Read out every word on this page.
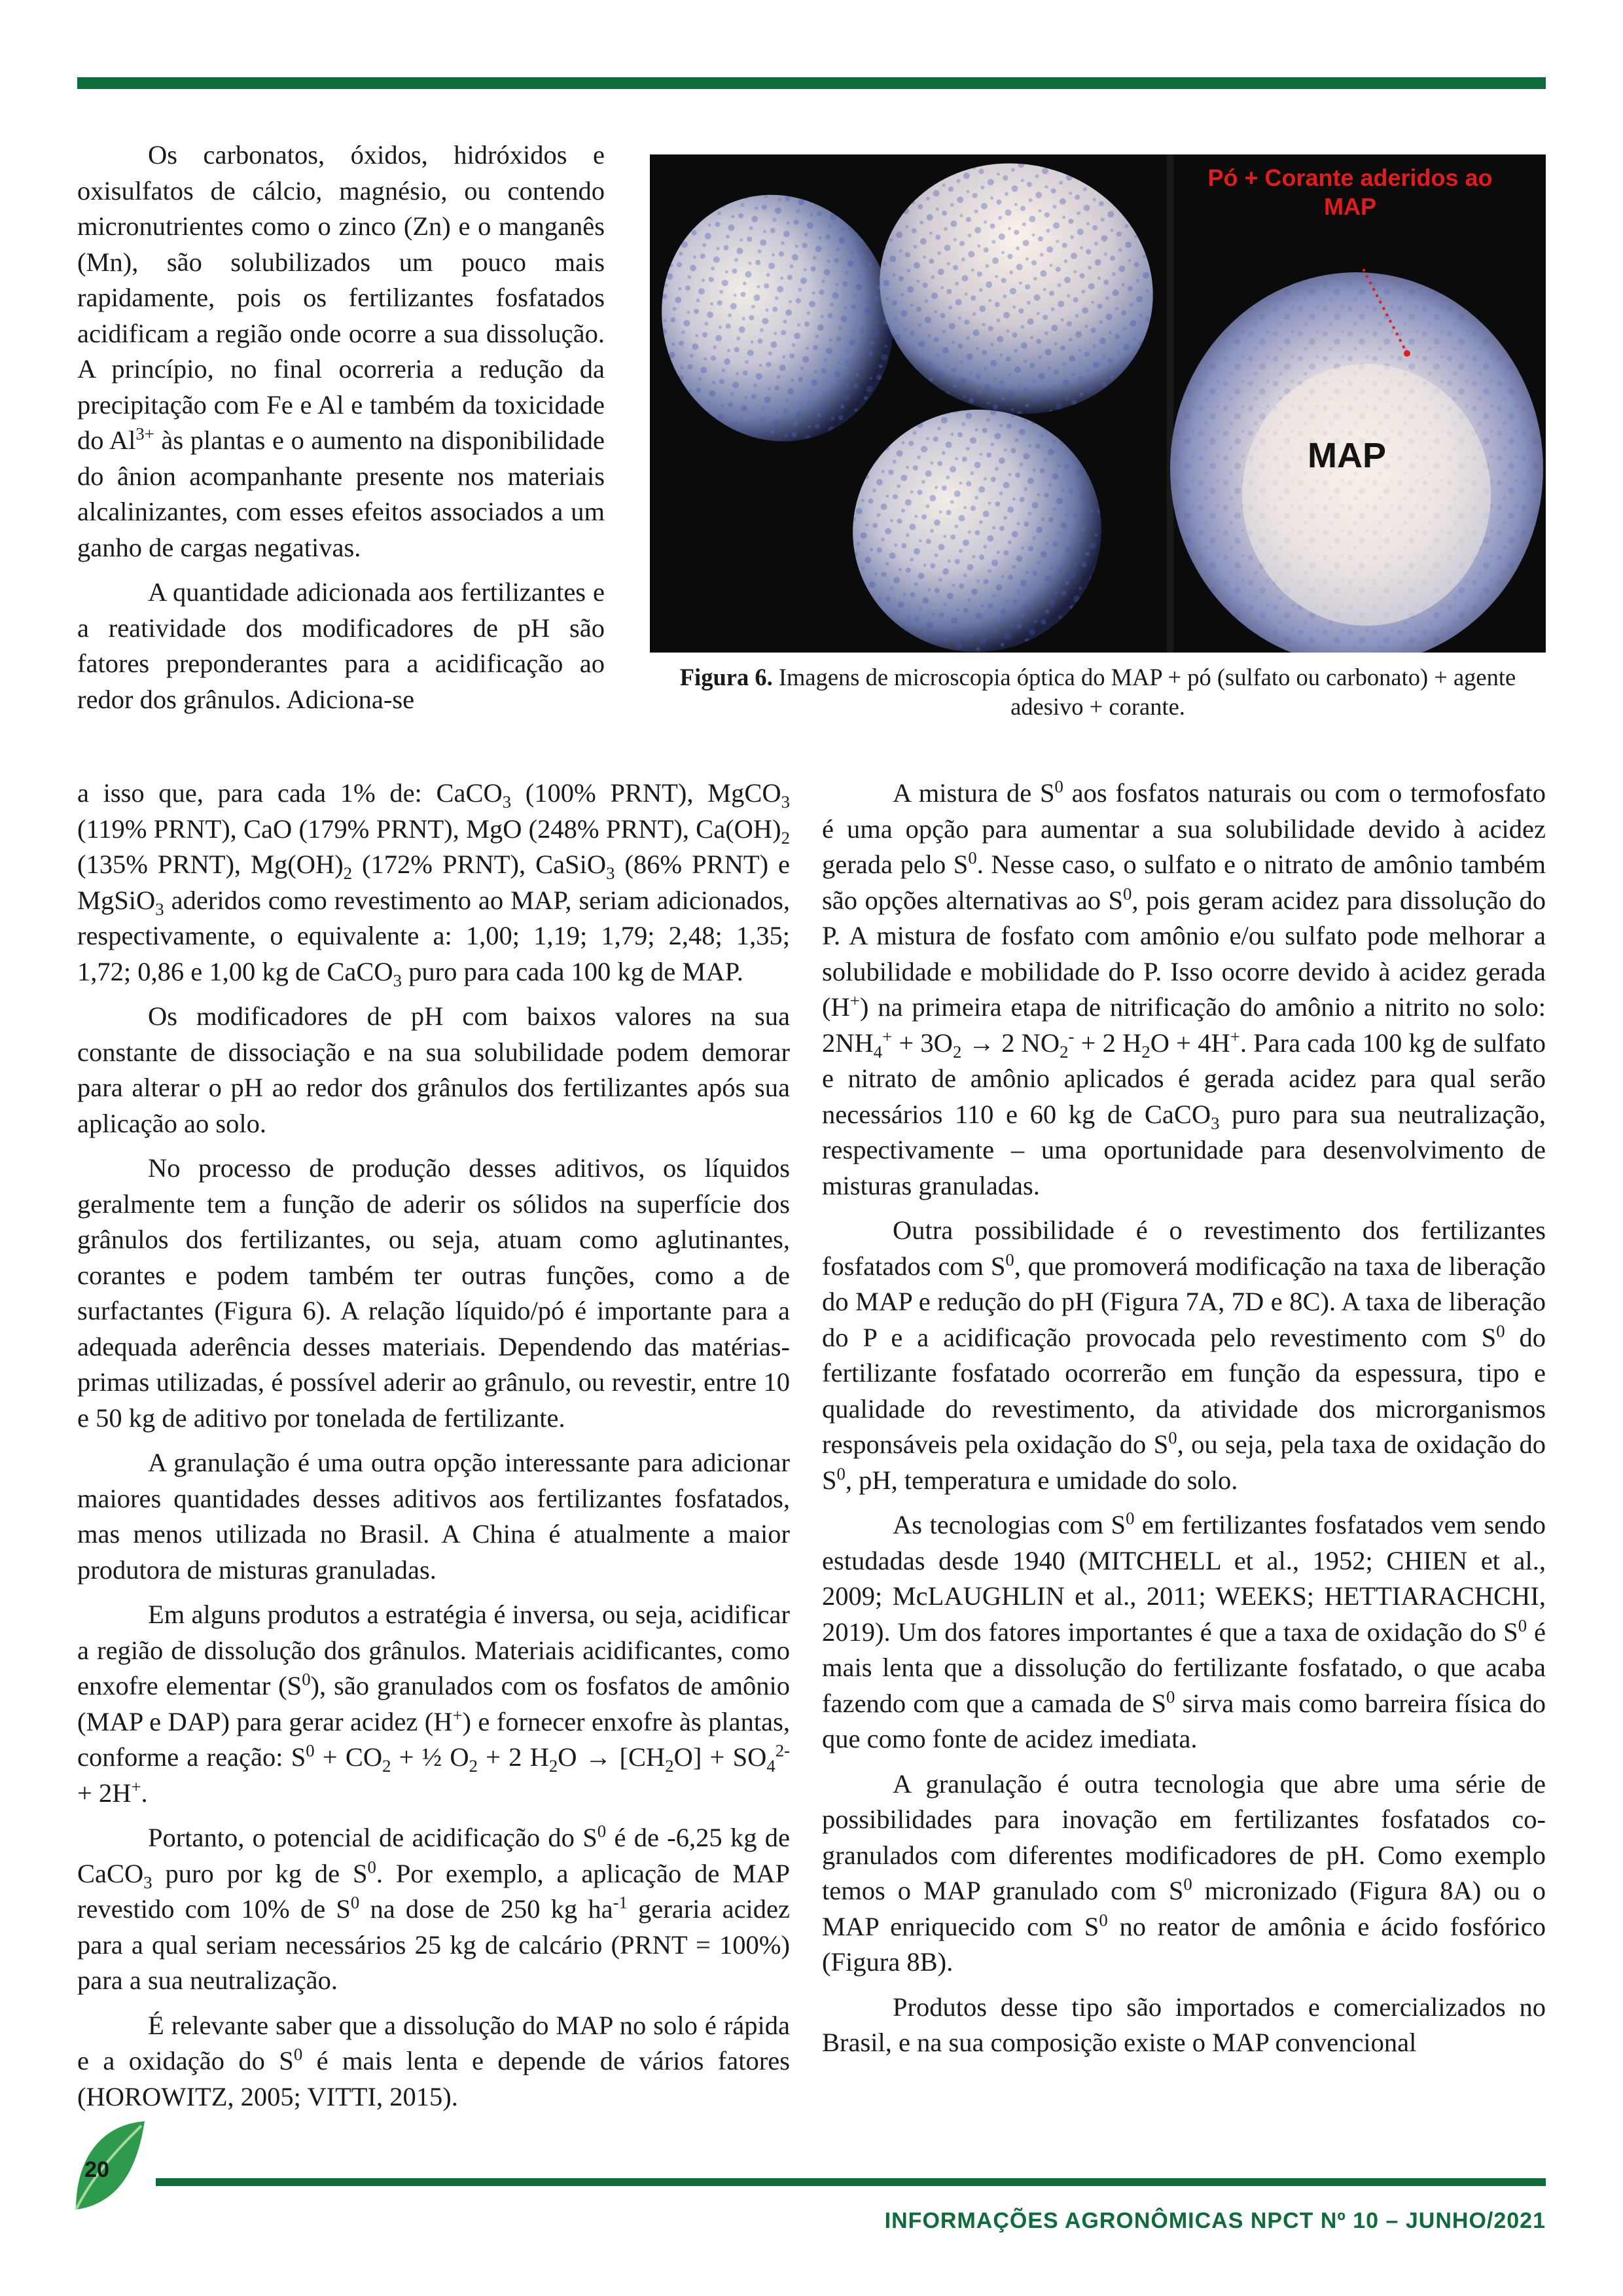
Os carbonatos, óxidos, hidróxidos e oxisulfatos de cálcio, magnésio, ou contendo micronutrientes como o zinco (Zn) e o manganês (Mn), são solubilizados um pouco mais rapidamente, pois os fertilizantes fosfatados acidificam a região onde ocorre a sua dissolução. A princípio, no final ocorreria a redução da precipitação com Fe e Al e também da toxicidade do $Al^{3+}$ às plantas e o aumento na disponibilidade do ânion acompanhante presente nos materiais alcalinizantes, com esses efeitos associados a um ganho de cargas negativas.

A quantidade adicionada aos fertilizantes e a reatividade dos modificadores de pH são fatores preponderantes para a acidificação ao redor dos grânulos. Adiciona-se

Pó + Corante aderidos ao
MAP
MAP
Figura 6. Imagens de microscopia óptica do MAP + pó (sulfato ou carbonato) + agente adesivo + corante.

a isso que, para cada 1% de: CaCO$_3$ (100% PRNT), MgCO$_3$ (119% PRNT), CaO (179% PRNT), MgO (248% PRNT), $Ca(OH)_2$ (135% PRNT), $Mg(OH)_2$ (172% PRNT), CaSiO$_3$ (86% PRNT) e MgSiO$_3$ aderidos como revestimento ao MAP, seriam adicionados, respectivamente, o equivalente a: 1,00; 1,19; 1,79; 2,48; 1,35; 1,72; 0,86 e 1,00 kg de CaCO$_3$ puro para cada 100 kg de MAP.

Os modificadores de pH com baixos valores na sua constante de dissociação e na sua solubilidade podem demorar para alterar o pH ao redor dos grânulos dos fertilizantes após sua aplicação ao solo.

No processo de produção desses aditivos, os líquidos geralmente tem a função de aderir os sólidos na superfície dos grânulos dos fertilizantes, ou seja, atuam como aglutinantes, corantes e podem também ter outras funções, como a de surfactantes (Figura 6). A relação líquido/pó é importante para a adequada aderência desses materiais. Dependendo das matérias-primas utilizadas, é possível aderir ao grânulo, ou revestir, entre 10 e 50 kg de aditivo por tonelada de fertilizante.

A granulação é uma outra opção interessante para adicionar maiores quantidades desses aditivos aos fertilizantes fosfatados, mas menos utilizada no Brasil. A China é atualmente a maior produtora de misturas granuladas.

Em alguns produtos a estratégia é inversa, ou seja, acidificar a região de dissolução dos grânulos. Materiais acidificantes, como enxofre elementar $(S^0)$, são granulados com os fosfatos de amônio (MAP e DAP) para gerar acidez (H+) e fornecer enxofre às plantas, conforme a reação: $S^0 + CO_2$ + ½ $O_2 + 2$ $H_2O \to [CH_2O] + SO_4^{2-} + 2H^+$.

Portanto, o potencial de acidificação do $S^0$ é de -6,25 kg de CaCO$_3$ puro por kg de $S^0$. Por exemplo, a aplicação de MAP revestido com 10% de $S^0$ na dose de 250 kg $ha^{-1}$ geraria acidez para a qual seriam necessários 25 kg de calcário (PRNT = 100%) para a sua neutralização.

É relevante saber que a dissolução do MAP no solo é rápida e a oxidação do $S^0$ é mais lenta e depende de vários fatores (HOROWITZ, 2005; VITTI, 2015).

A mistura de $S^0$ aos fosfatos naturais ou com o termofosfato é uma opção para aumentar a sua solubilidade devido à acidez gerada pelo $S^0$. Nesse caso, o sulfato e o nitrato de amônio também são opções alternativas ao $S^0$, pois geram acidez para dissolução do P. A mistura de fosfato com amônio e/ou sulfato pode melhorar a solubilidade e mobilidade do P. Isso ocorre devido à acidez gerada (H+) na primeira etapa de nitrificação do amônio a nitrito no solo: $2NH_4^+ + 3O_2 \to 2$ $NO_2^- + 2$ $H_2O + 4H^+$. Para cada 100 kg de sulfato e nitrato de amônio aplicados é gerada acidez para qual serão necessários 110 e 60 kg de CaCO$_3$ puro para sua neutralização, respectivamente – uma oportunidade para desenvolvimento de misturas granuladas.

Outra possibilidade é o revestimento dos fertilizantes fosfatados com $S^0$, que promoverá modificação na taxa de liberação do MAP e redução do pH (Figura 7A, 7D e 8C). A taxa de liberação do P e a acidificação provocada pelo revestimento com $S^0$ do fertilizante fosfatado ocorrerão em função da espessura, tipo e qualidade do revestimento, da atividade dos microrganismos responsáveis pela oxidação do $S^0$, ou seja, pela taxa de oxidação do $S^0$, pH, temperatura e umidade do solo.

As tecnologias com $S^0$ em fertilizantes fosfatados vem sendo estudadas desde 1940 (MITCHELL et al., 1952; CHIEN et al., 2009; McLAUGHLIN et al., 2011; WEEKS; HETTIARACHCHI, 2019). Um dos fatores importantes é que a taxa de oxidação do $S^0$ é mais lenta que a dissolução do fertilizante fosfatado, o que acaba fazendo com que a camada de $S^0$ sirva mais como barreira física do que como fonte de acidez imediata.

A granulação é outra tecnologia que abre uma série de possibilidades para inovação em fertilizantes fosfatados co-granulados com diferentes modificadores de pH. Como exemplo temos o MAP granulado com $S^0$ micronizado (Figura 8A) ou o MAP enriquecido com $S^0$ no reator de amônia e ácido fosfórico (Figura 8B).

Produtos desse tipo são importados e comercializados no Brasil, e na sua composição existe o MAP convencional

20
INFORMAÇÕES AGRONÔMICAS NPCT Nº 10 – JUNHO/2021
